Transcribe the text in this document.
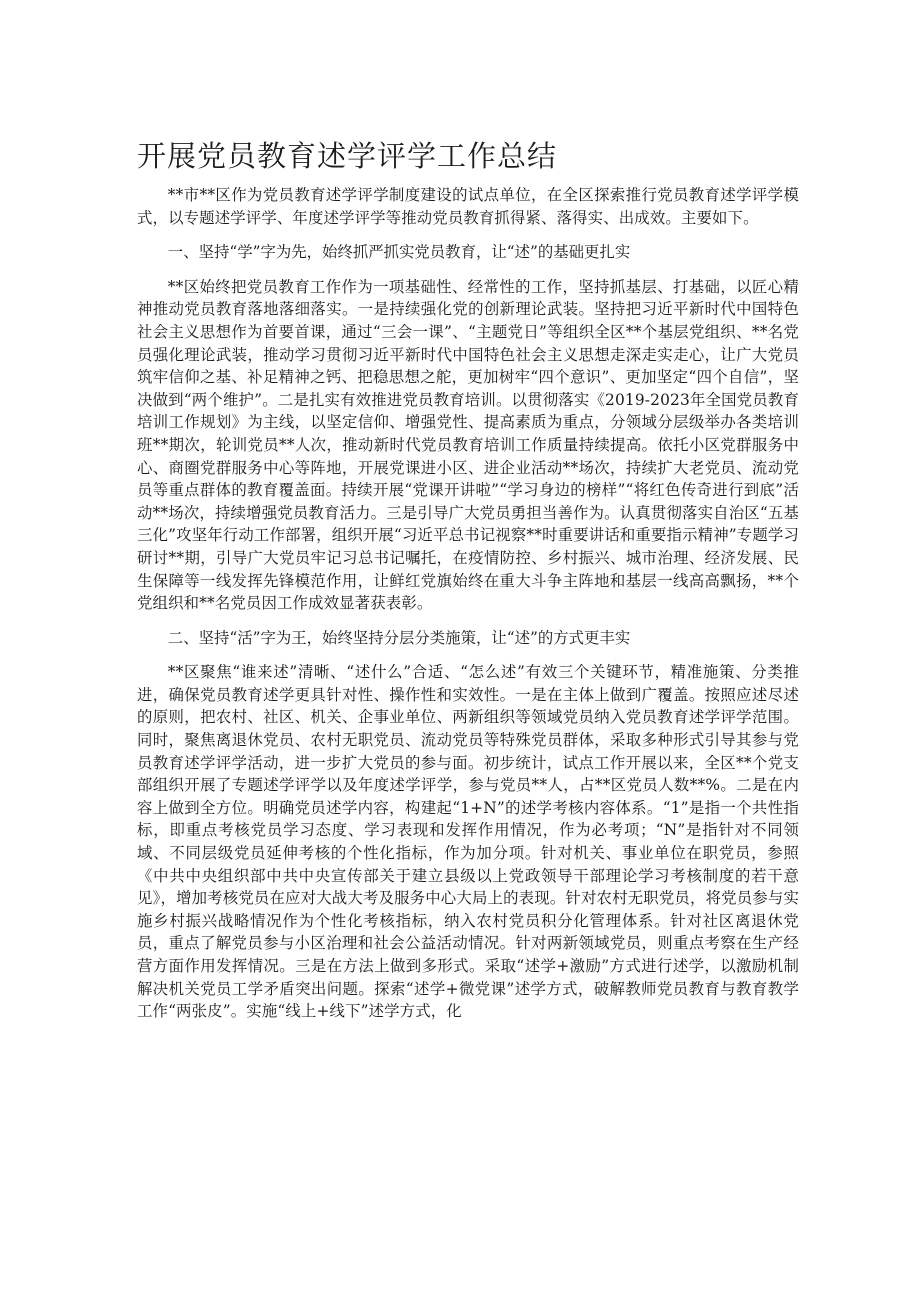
开展党员教育述学评学工作总结

**市**区作为党员教育述学评学制度建设的试点单位，在全区探索推行党员教育述学评学模式，以专题述学评学、年度述学评学等推动党员教育抓得紧、落得实、出成效。主要如下。

一、坚持“学”字为先，始终抓严抓实党员教育，让“述”的基础更扎实

**区始终把党员教育工作作为一项基础性、经常性的工作，坚持抓基层、打基础，以匠心精神推动党员教育落地落细落实。一是持续强化党的创新理论武装。坚持把习近平新时代中国特色社会主义思想作为首要首课，通过“三会一课”、“主题党日”等组织全区**个基层党组织、**名党员强化理论武装，推动学习贯彻习近平新时代中国特色社会主义思想走深走实走心，让广大党员筑牢信仰之基、补足精神之钙、把稳思想之舵，更加树牢“四个意识”、更加坚定“四个自信”，坚决做到“两个维护”。二是扎实有效推进党员教育培训。以贯彻落实《2019-2023年全国党员教育培训工作规划》为主线，以坚定信仰、增强党性、提高素质为重点，分领域分层级举办各类培训班**期次，轮训党员**人次，推动新时代党员教育培训工作质量持续提高。依托小区党群服务中心、商圈党群服务中心等阵地，开展党课进小区、进企业活动**场次，持续扩大老党员、流动党员等重点群体的教育覆盖面。持续开展“党课开讲啦”“学习身边的榜样”“将红色传奇进行到底”活动**场次，持续增强党员教育活力。三是引导广大党员勇担当善作为。认真贯彻落实自治区“五基三化”攻坚年行动工作部署，组织开展“习近平总书记视察**时重要讲话和重要指示精神”专题学习研讨**期，引导广大党员牢记习总书记嘱托，在疫情防控、乡村振兴、城市治理、经济发展、民生保障等一线发挥先锋模范作用，让鲜红党旗始终在重大斗争主阵地和基层一线高高飘扬，**个党组织和**名党员因工作成效显著获表彰。

二、坚持“活”字为王，始终坚持分层分类施策，让“述”的方式更丰实

**区聚焦“谁来述”清晰、“述什么”合适、“怎么述”有效三个关键环节，精准施策、分类推进，确保党员教育述学更具针对性、操作性和实效性。一是在主体上做到广覆盖。按照应述尽述的原则，把农村、社区、机关、企事业单位、两新组织等领域党员纳入党员教育述学评学范围。同时，聚焦离退休党员、农村无职党员、流动党员等特殊党员群体，采取多种形式引导其参与党员教育述学评学活动，进一步扩大党员的参与面。初步统计，试点工作开展以来，全区**个党支部组织开展了专题述学评学以及年度述学评学，参与党员**人，占**区党员人数**%。二是在内容上做到全方位。明确党员述学内容，构建起“1+N”的述学考核内容体系。“1”是指一个共性指标，即重点考核党员学习态度、学习表现和发挥作用情况，作为必考项；“N”是指针对不同领域、不同层级党员延伸考核的个性化指标，作为加分项。针对机关、事业单位在职党员，参照《中共中央组织部中共中央宣传部关于建立县级以上党政领导干部理论学习考核制度的若干意见》，增加考核党员在应对大战大考及服务中心大局上的表现。针对农村无职党员，将党员参与实施乡村振兴战略情况作为个性化考核指标，纳入农村党员积分化管理体系。针对社区离退休党员，重点了解党员参与小区治理和社会公益活动情况。针对两新领域党员，则重点考察在生产经营方面作用发挥情况。三是在方法上做到多形式。采取“述学+激励”方式进行述学，以激励机制解决机关党员工学矛盾突出问题。探索“述学+微党课”述学方式，破解教师党员教育与教育教学工作“两张皮”。实施“线上+线下”述学方式，化
